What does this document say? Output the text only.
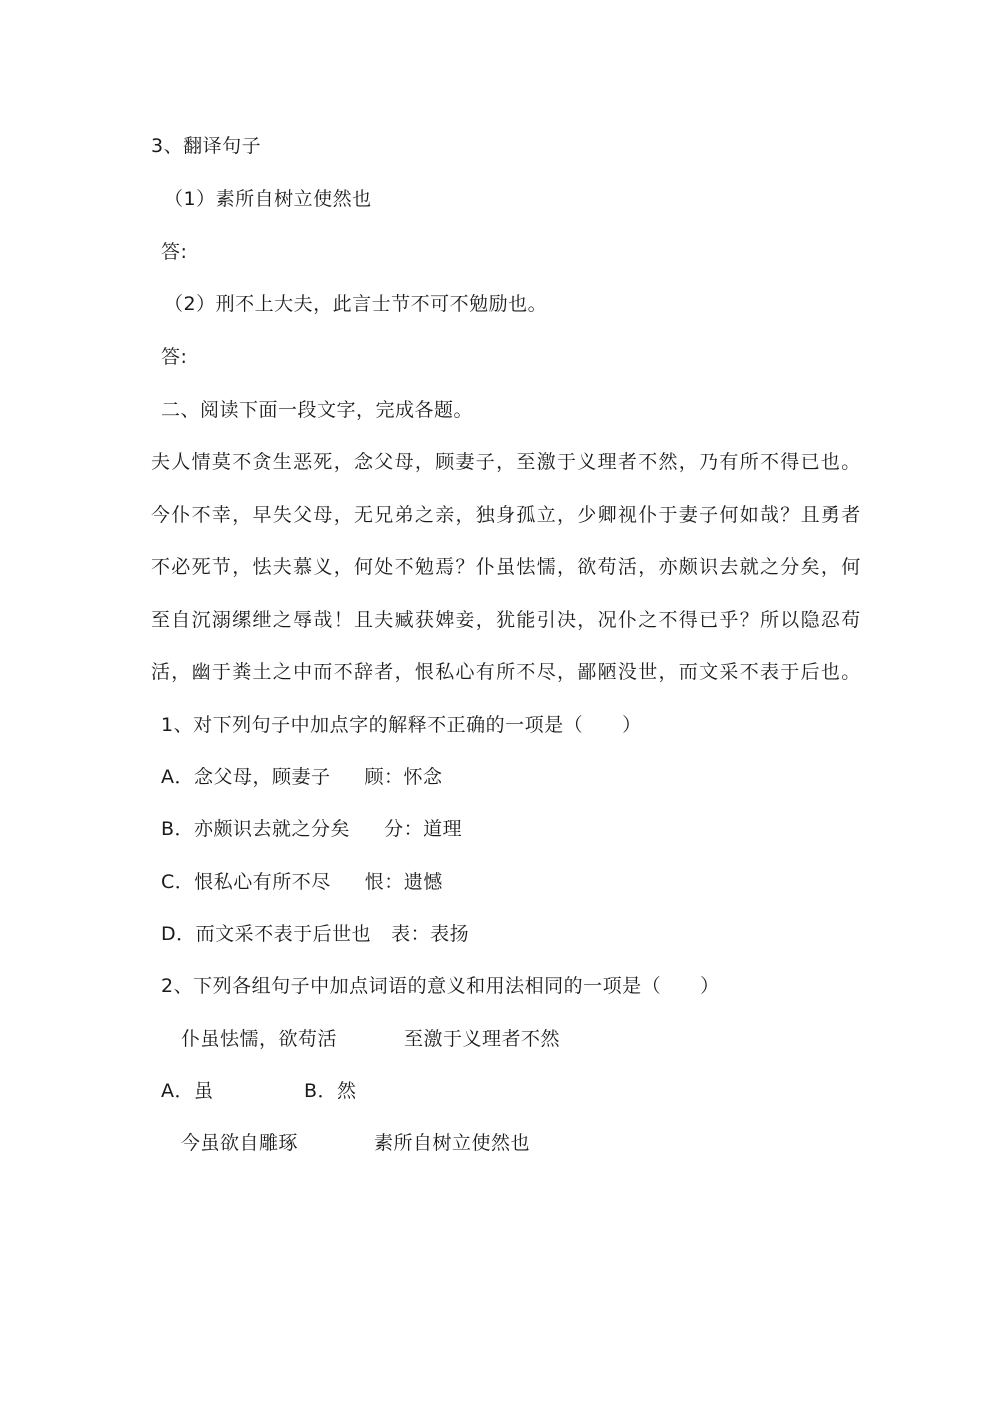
3、翻译句子
（1）素所自树立使然也
答:
（2）刑不上大夫，此言士节不可不勉励也。
答:
二、阅读下面一段文字，完成各题。
夫人情莫不贪生恶死，念父母，顾妻子，至激于义理者不然，乃有所不得已也。
今仆不幸，早失父母，无兄弟之亲，独身孤立，少卿视仆于妻子何如哉？且勇者
不必死节，怯夫慕义，何处不勉焉？仆虽怯懦，欲苟活，亦颇识去就之分矣，何
至自沉溺缧绁之辱哉！且夫臧获婢妾，犹能引决，况仆之不得已乎？所以隐忍苟
活，幽于粪土之中而不辞者，恨私心有所不尽，鄙陋没世，而文采不表于后也。
1、对下列句子中加点字的解释不正确的一项是（　　）
A．念父母，顾妻子 顾：怀念
B．亦颇识去就之分矣 分：道理
C．恨私心有所不尽 恨：遗憾
D．而文采不表于后世也 表：表扬
2、下列各组句子中加点词语的意义和用法相同的一项是（　　）
仆虽怯懦，欲苟活	至激于义理者不然
A．虽	B．然
今虽欲自雕琢	素所自树立使然也
